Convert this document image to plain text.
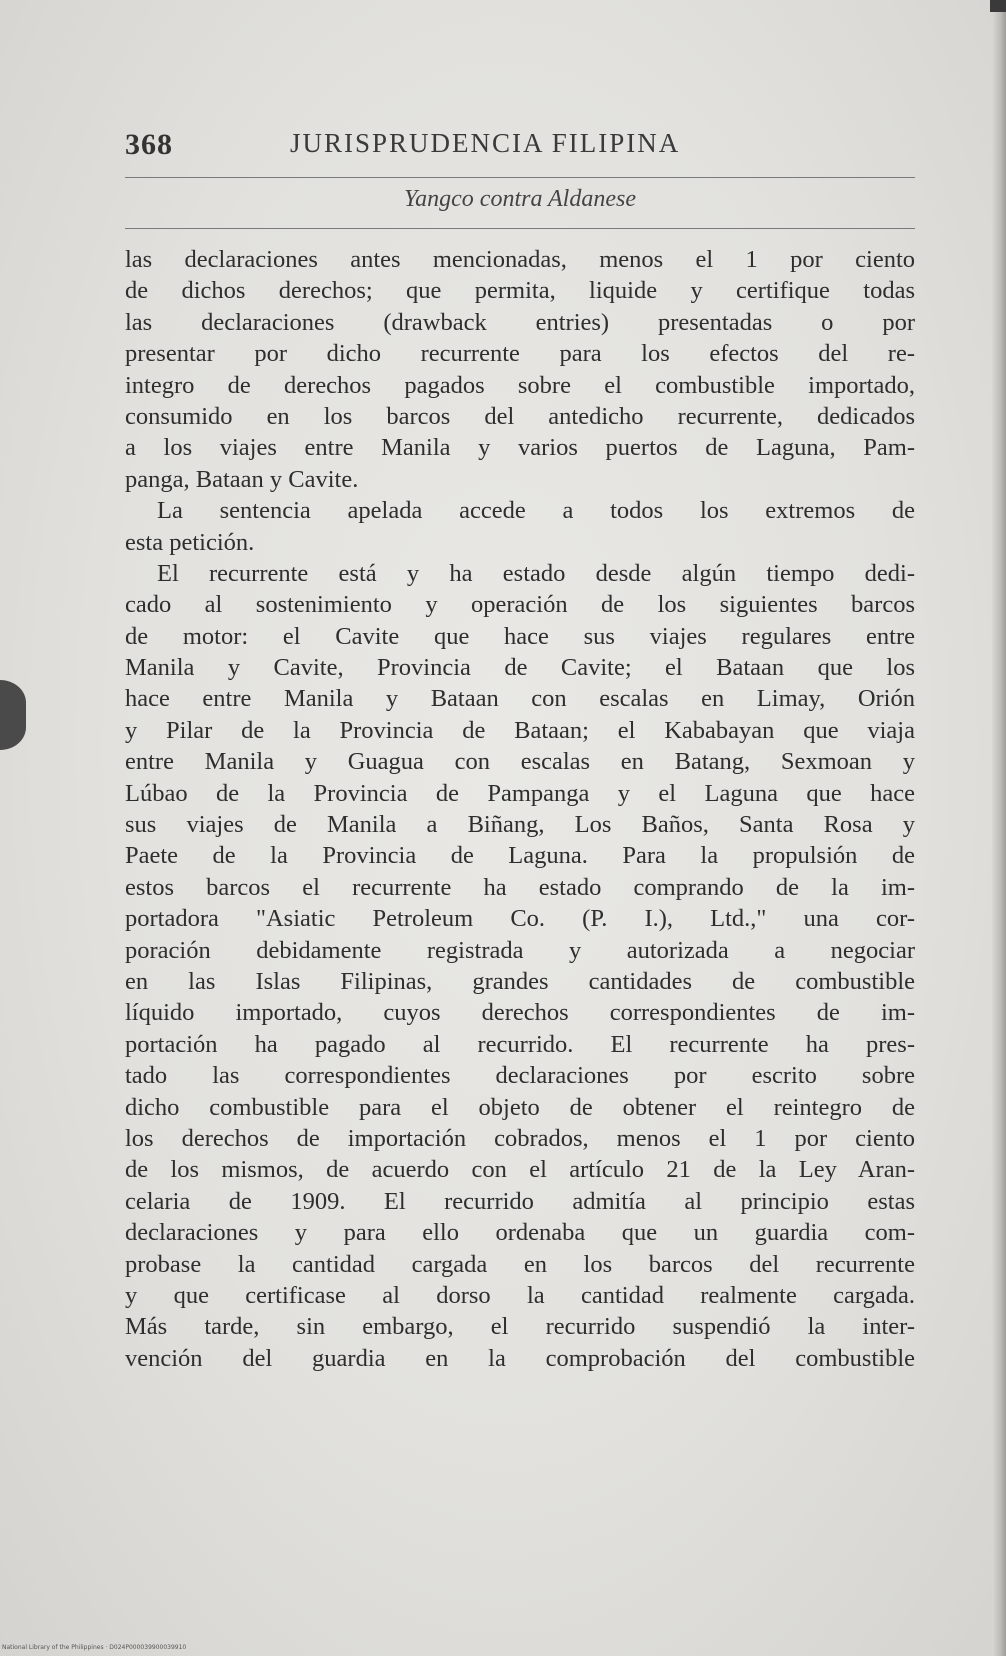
368	JURISPRUDENCIA FILIPINA
Yangco contra Aldanese
las declaraciones antes mencionadas, menos el 1 por ciento
de dichos derechos; que permita, liquide y certifique todas
las declaraciones (drawback entries) presentadas o por
presentar por dicho recurrente para los efectos del re-
integro de derechos pagados sobre el combustible importado,
consumido en los barcos del antedicho recurrente, dedicados
a los viajes entre Manila y varios puertos de Laguna, Pam-
panga, Bataan y Cavite.
La sentencia apelada accede a todos los extremos de
esta petición.
El recurrente está y ha estado desde algún tiempo dedi-
cado al sostenimiento y operación de los siguientes barcos
de motor: el Cavite que hace sus viajes regulares entre
Manila y Cavite, Provincia de Cavite; el Bataan que los
hace entre Manila y Bataan con escalas en Limay, Orión
y Pilar de la Provincia de Bataan; el Kababayan que viaja
entre Manila y Guagua con escalas en Batang, Sexmoan y
Lúbao de la Provincia de Pampanga y el Laguna que hace
sus viajes de Manila a Biñang, Los Baños, Santa Rosa y
Paete de la Provincia de Laguna. Para la propulsión de
estos barcos el recurrente ha estado comprando de la im-
portadora "Asiatic Petroleum Co. (P. I.), Ltd.," una cor-
poración debidamente registrada y autorizada a negociar
en las Islas Filipinas, grandes cantidades de combustible
líquido importado, cuyos derechos correspondientes de im-
portación ha pagado al recurrido. El recurrente ha pres-
tado las correspondientes declaraciones por escrito sobre
dicho combustible para el objeto de obtener el reintegro de
los derechos de importación cobrados, menos el 1 por ciento
de los mismos, de acuerdo con el artículo 21 de la Ley Aran-
celaria de 1909. El recurrido admitía al principio estas
declaraciones y para ello ordenaba que un guardia com-
probase la cantidad cargada en los barcos del recurrente
y que certificase al dorso la cantidad realmente cargada.
Más tarde, sin embargo, el recurrido suspendió la inter-
vención del guardia en la comprobación del combustible
National Library of the Philippines · D024P000039900039910
